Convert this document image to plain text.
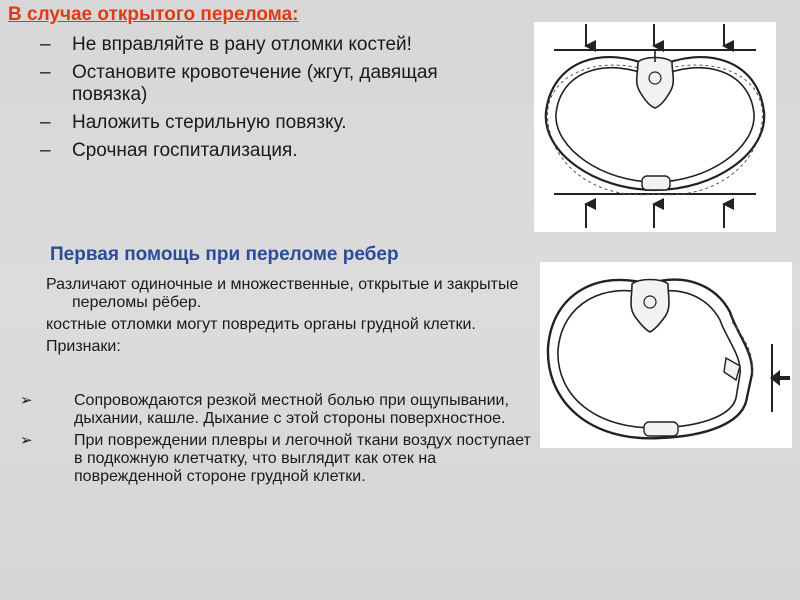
В случае открытого перелома:
– Не вправляйте в рану отломки костей!
– Остановите кровотечение (жгут, давящая повязка)
– Наложить стерильную повязку.
– Срочная госпитализация.
Первая помощь при переломе ребер
Различают одиночные и множественные, открытые и закрытые переломы рёбер.
костные отломки могут повредить органы грудной клетки.
Признаки:
➢	Сопровождаются резкой местной болью при ощупывании, дыхании, кашле. Дыхание с этой стороны поверхностное.
➢	При повреждении плевры и легочной ткани воздух поступает в подкожную клетчатку, что выглядит как отек на поврежденной стороне грудной клетки.
